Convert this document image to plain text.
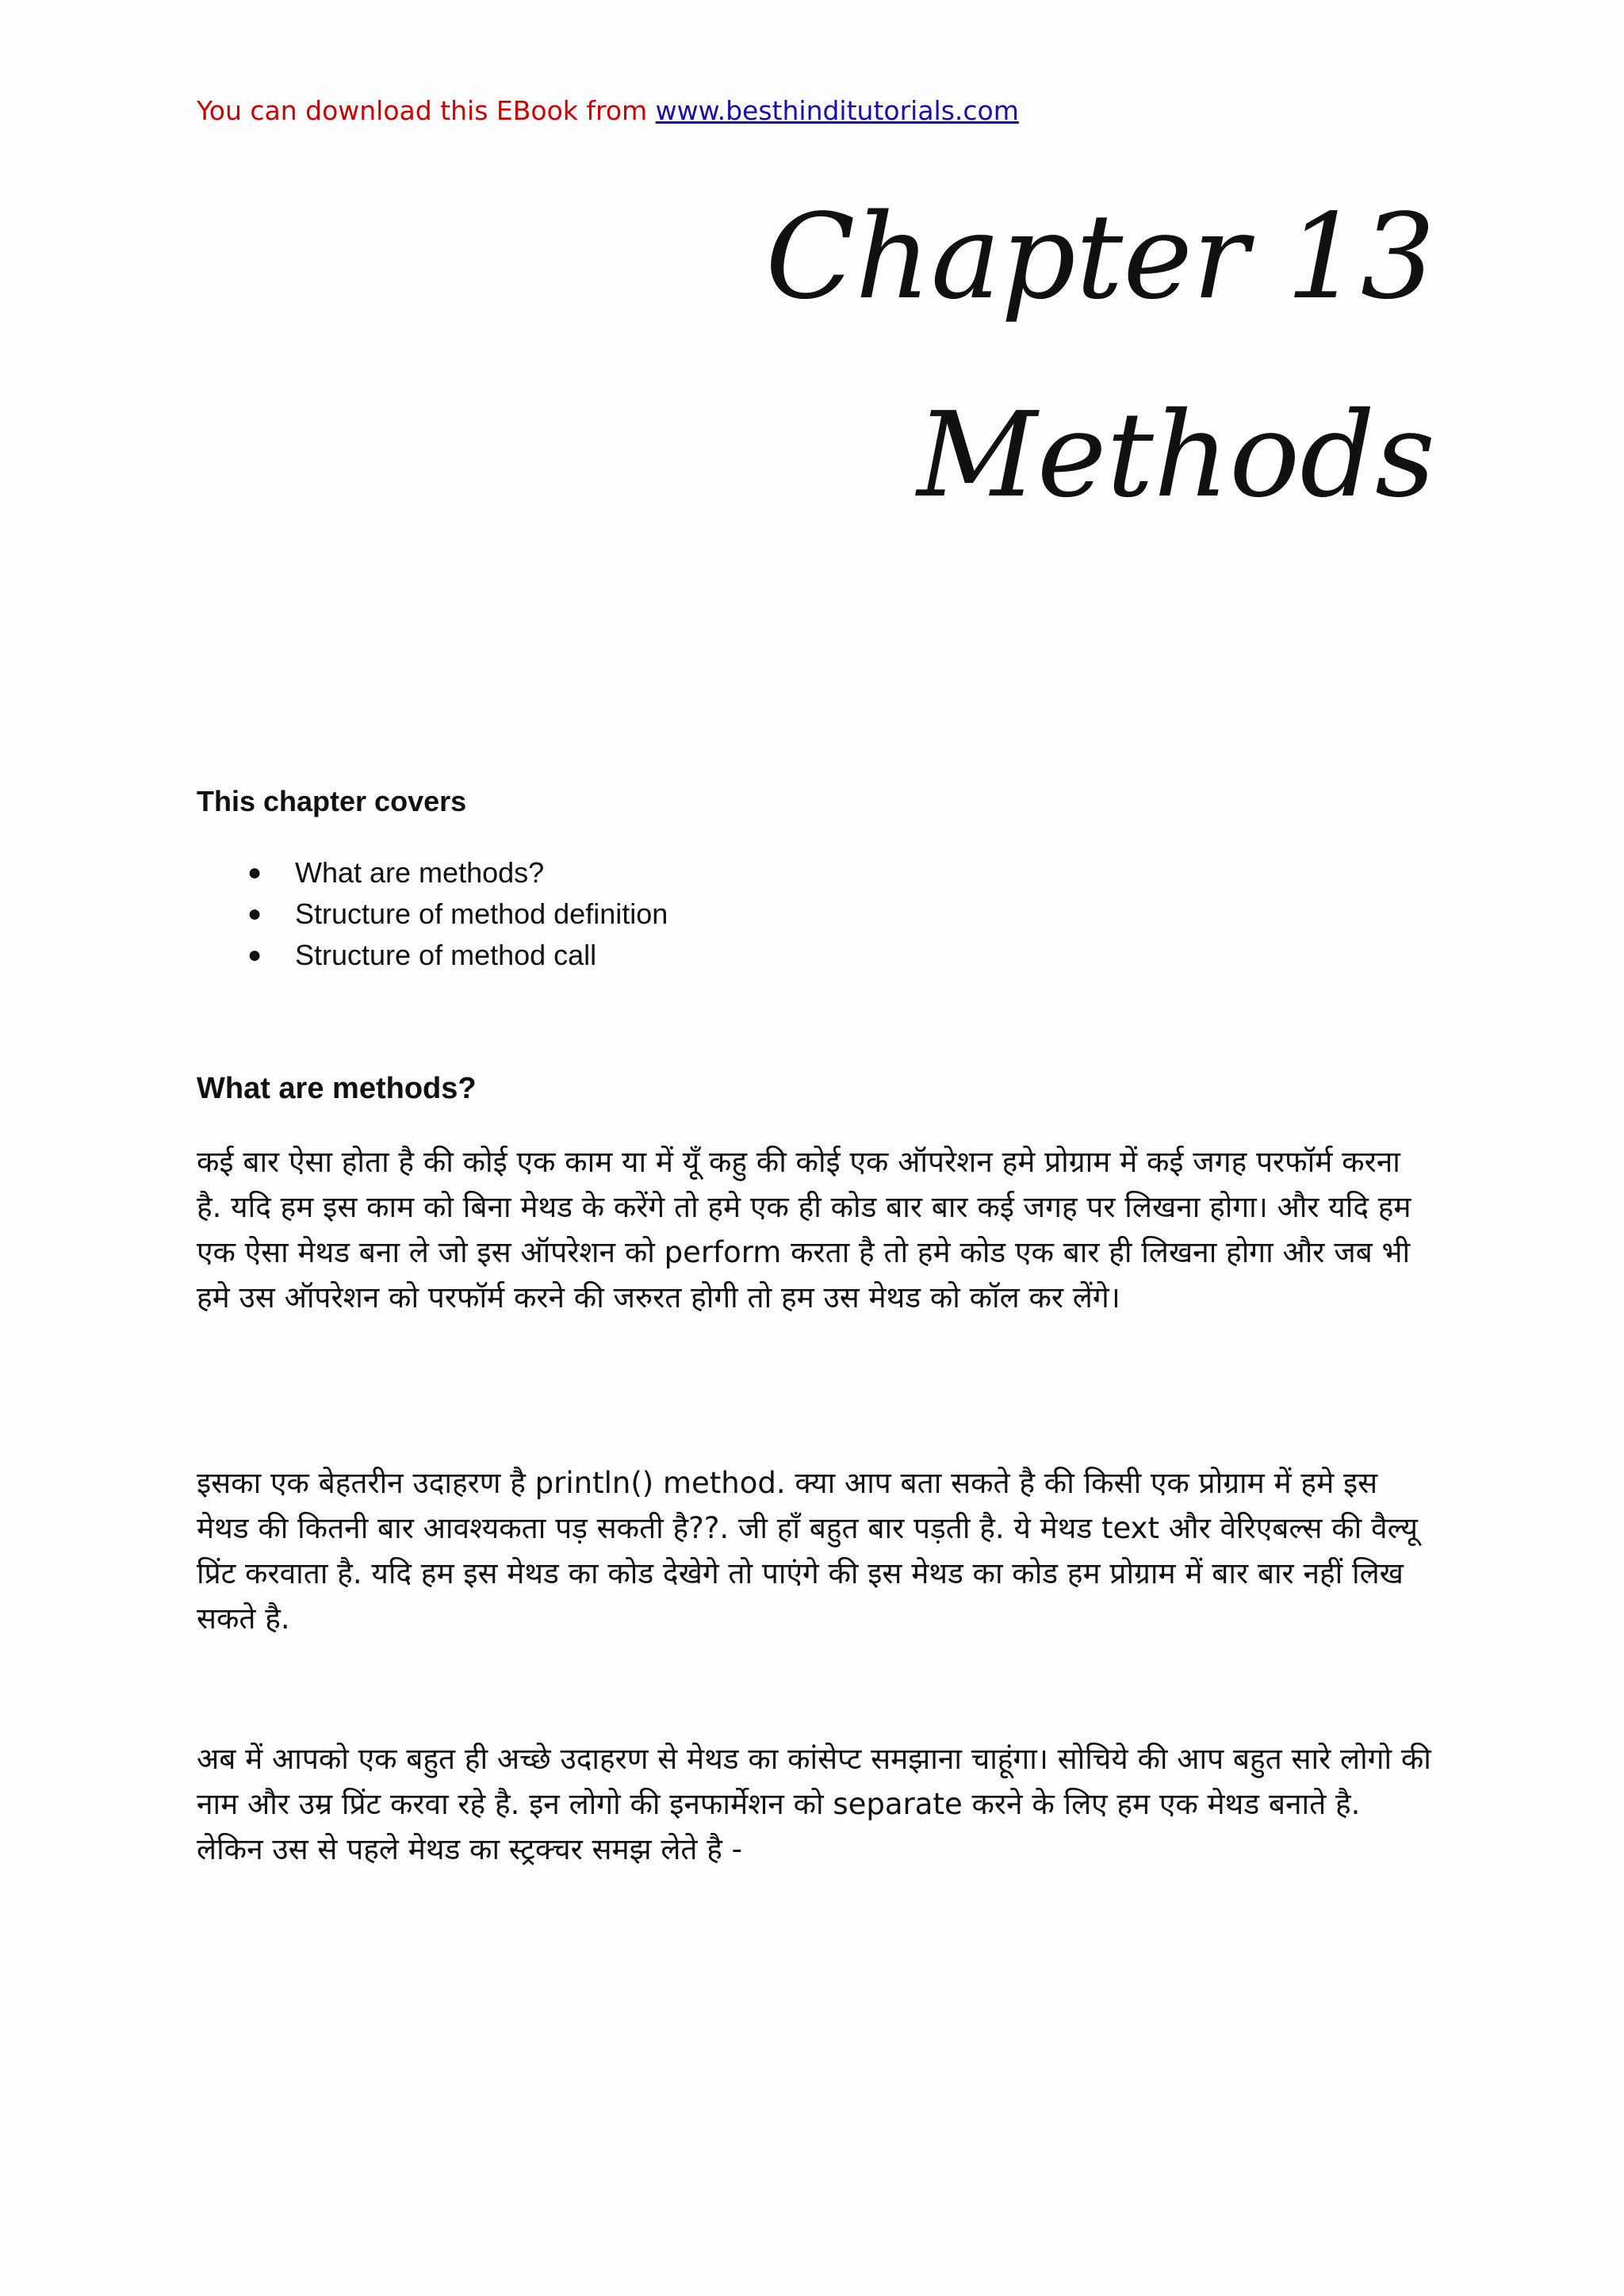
You can download this EBook from www.besthinditutorials.com
Chapter 13
Methods
This chapter covers
● What are methods?
● Structure of method definition
● Structure of method call
What are methods?

कई बार ऐसा होता है की कोई एक काम या में यूँ कहु की कोई एक ऑपरेशन हमे प्रोग्राम में कई जगह परफॉर्म करना है. यदि हम इस काम को बिना मेथड के करेंगे तो हमे एक ही कोड बार बार कई जगह पर लिखना होगा। और यदि हम एक ऐसा मेथड बना ले जो इस ऑपरेशन को perform करता है तो हमे कोड एक बार ही लिखना होगा और जब भी हमे उस ऑपरेशन को परफॉर्म करने की जरुरत होगी तो हम उस मेथड को कॉल कर लेंगे।

इसका एक बेहतरीन उदाहरण है println() method. क्या आप बता सकते है की किसी एक प्रोग्राम में हमे इस मेथड की कितनी बार आवश्यकता पड़ सकती है??. जी हाँ बहुत बार पड़ती है. ये मेथड text और वेरिएबल्स की वैल्यू प्रिंट करवाता है. यदि हम इस मेथड का कोड देखेगे तो पाएंगे की इस मेथड का कोड हम प्रोग्राम में बार बार नहीं लिख सकते है.

अब में आपको एक बहुत ही अच्छे उदाहरण से मेथड का कांसेप्ट समझाना चाहूंगा। सोचिये की आप बहुत सारे लोगो की नाम और उम्र प्रिंट करवा रहे है. इन लोगो की इनफार्मेशन को separate करने के लिए हम एक मेथड बनाते है. लेकिन उस से पहले मेथड का स्ट्रक्चर समझ लेते है -
